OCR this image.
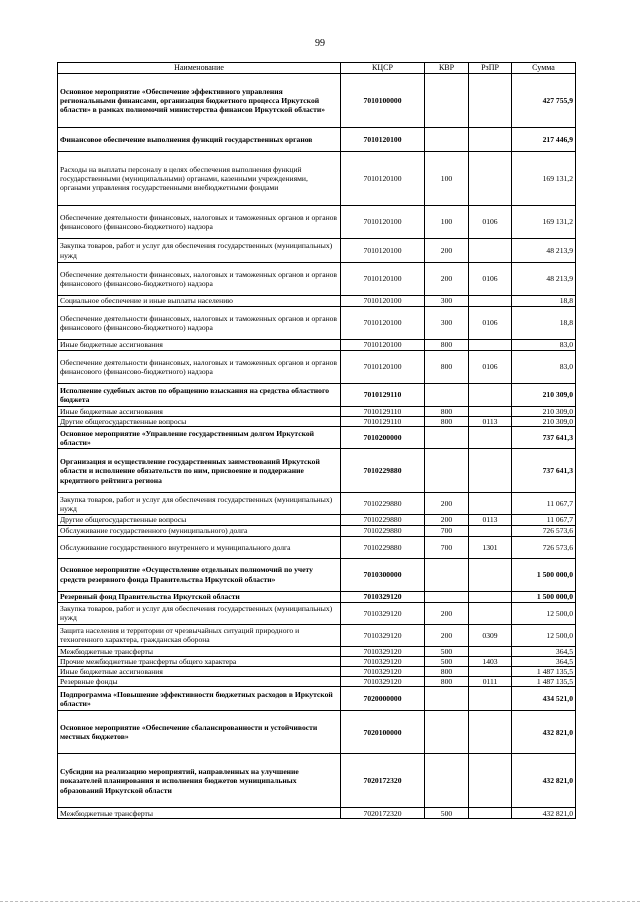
99
Наименование	КЦСР	КВР	РзПР	Сумма
Основное мероприятие «Обеспечение эффективного управления региональными финансами, организация бюджетного процесса Иркутской области» в рамках полномочий министерства финансов Иркутской области»	7010100000			427 755,9
Финансовое обеспечение выполнения функций государственных органов	7010120100			217 446,9
Расходы на выплаты персоналу в целях обеспечения выполнения функций государственными (муниципальными) органами, казенными учреждениями, органами управления государственными внебюджетными фондами	7010120100	100		169 131,2
Обеспечение деятельности финансовых, налоговых и таможенных органов и органов финансового (финансово-бюджетного) надзора	7010120100	100	0106	169 131,2
Закупка товаров, работ и услуг для обеспечения государственных (муниципальных) нужд	7010120100	200		48 213,9
Обеспечение деятельности финансовых, налоговых и таможенных органов и органов финансового (финансово-бюджетного) надзора	7010120100	200	0106	48 213,9
Социальное обеспечение и иные выплаты населению	7010120100	300		18,8
Обеспечение деятельности финансовых, налоговых и таможенных органов и органов финансового (финансово-бюджетного) надзора	7010120100	300	0106	18,8
Иные бюджетные ассигнования	7010120100	800		83,0
Обеспечение деятельности финансовых, налоговых и таможенных органов и органов финансового (финансово-бюджетного) надзора	7010120100	800	0106	83,0
Исполнение судебных актов по обращению взыскания на средства областного бюджета	7010129110			210 309,0
Иные бюджетные ассигнования	7010129110	800		210 309,0
Другие общегосударственные вопросы	7010129110	800	0113	210 309,0
Основное мероприятие «Управление государственным долгом Иркутской области»	7010200000			737 641,3
Организация и осуществление государственных заимствований Иркутской области и исполнение обязательств по ним, присвоение и поддержание кредитного рейтинга региона	7010229880			737 641,3
Закупка товаров, работ и услуг для обеспечения государственных (муниципальных) нужд	7010229880	200		11 067,7
Другие общегосударственные вопросы	7010229880	200	0113	11 067,7
Обслуживание государственного (муниципального) долга	7010229880	700		726 573,6
Обслуживание государственного внутреннего и муниципального долга	7010229880	700	1301	726 573,6
Основное мероприятие «Осуществление отдельных полномочий по учету средств резервного фонда Правительства Иркутской области»	7010300000			1 500 000,0
Резервный фонд Правительства Иркутской области	7010329120			1 500 000,0
Закупка товаров, работ и услуг для обеспечения государственных (муниципальных) нужд	7010329120	200		12 500,0
Защита населения и территории от чрезвычайных ситуаций природного и техногенного характера, гражданская оборона	7010329120	200	0309	12 500,0
Межбюджетные трансферты	7010329120	500		364,5
Прочие межбюджетные трансферты общего характера	7010329120	500	1403	364,5
Иные бюджетные ассигнования	7010329120	800		1 487 135,5
Резервные фонды	7010329120	800	0111	1 487 135,5
Подпрограмма «Повышение эффективности бюджетных расходов в Иркутской области»	7020000000			434 521,0
Основное мероприятие «Обеспечение сбалансированности и устойчивости местных бюджетов»	7020100000			432 821,0
Субсидии на реализацию мероприятий, направленных на улучшение показателей планирования и исполнения бюджетов муниципальных образований Иркутской области	7020172320			432 821,0
Межбюджетные трансферты	7020172320	500		432 821,0
